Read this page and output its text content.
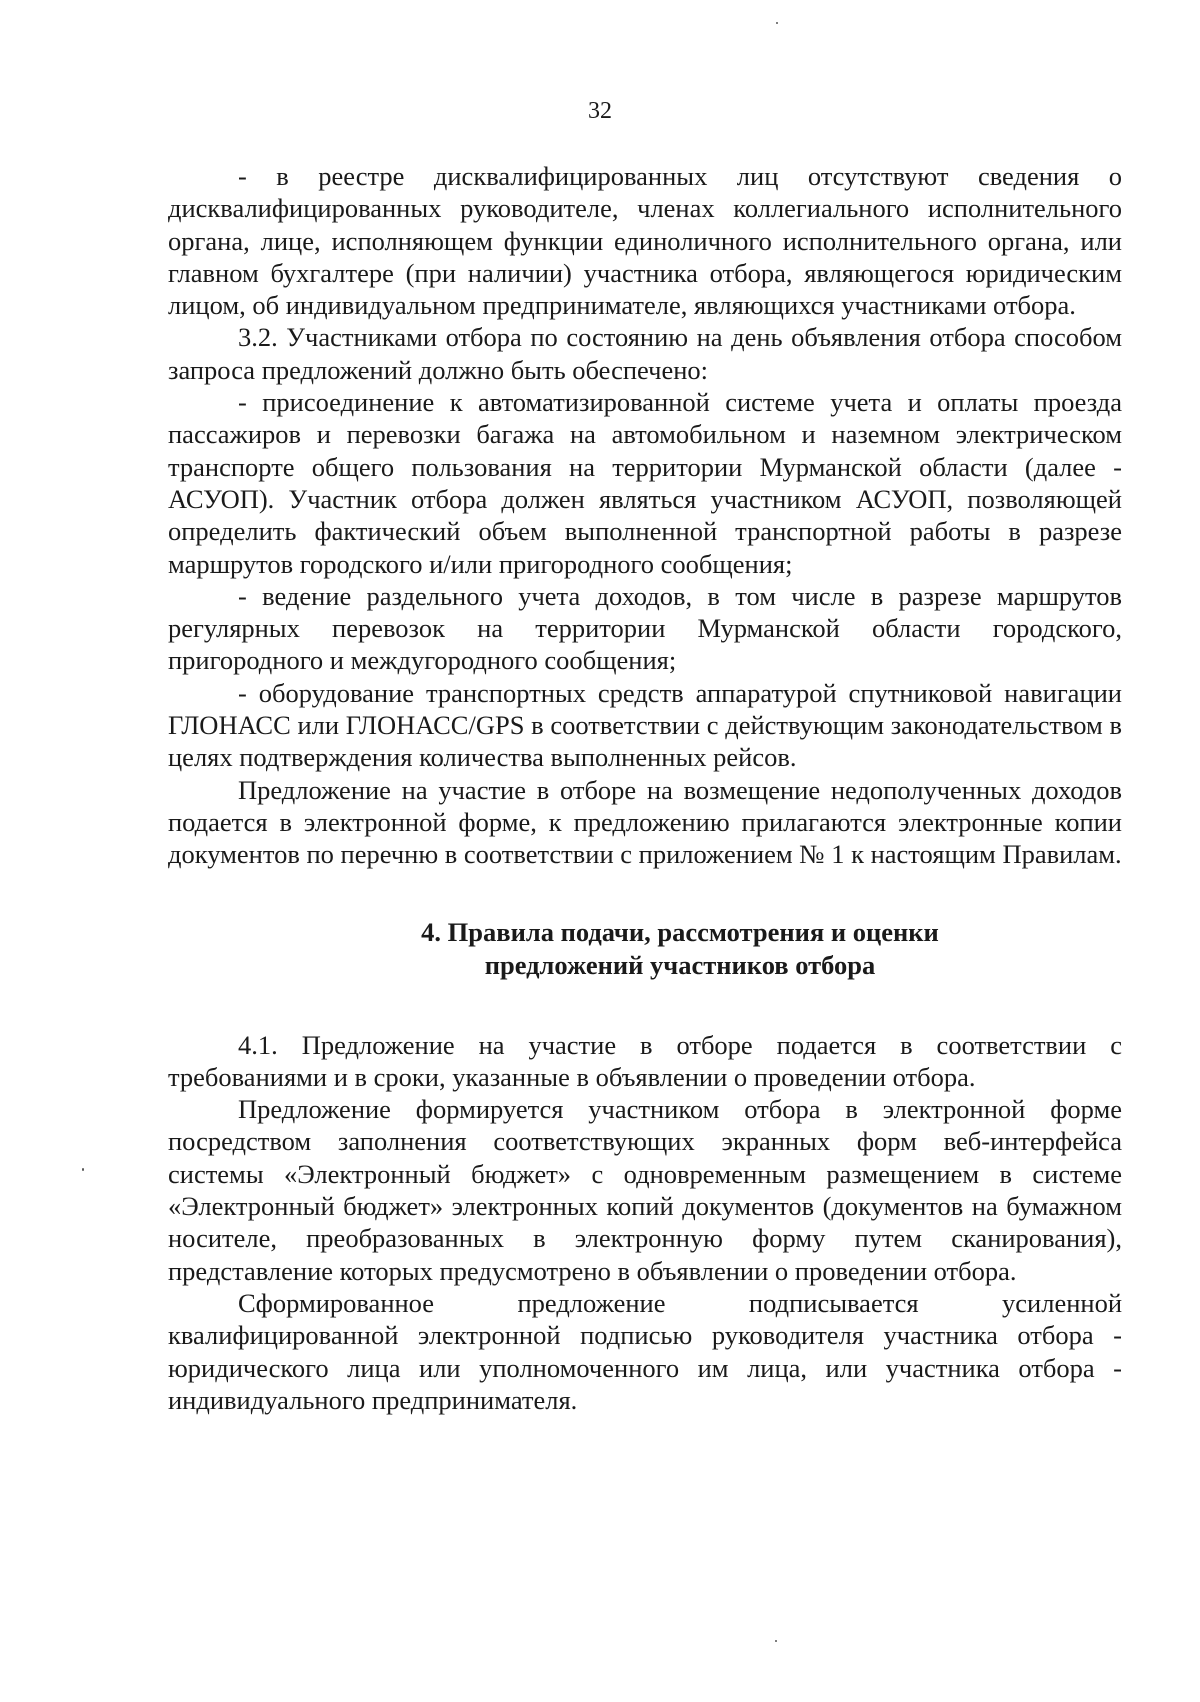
32

- в реестре дисквалифицированных лиц отсутствуют сведения о дисквалифицированных руководителе, членах коллегиального исполнительного органа, лице, исполняющем функции единоличного исполнительного органа, или главном бухгалтере (при наличии) участника отбора, являющегося юридическим лицом, об индивидуальном предпринимателе, являющихся участниками отбора.

3.2. Участниками отбора по состоянию на день объявления отбора способом запроса предложений должно быть обеспечено:

- присоединение к автоматизированной системе учета и оплаты проезда пассажиров и перевозки багажа на автомобильном и наземном электрическом транспорте общего пользования на территории Мурманской области (далее - АСУОП). Участник отбора должен являться участником АСУОП, позволяющей определить фактический объем выполненной транспортной работы в разрезе маршрутов городского и/или пригородного сообщения;

- ведение раздельного учета доходов, в том числе в разрезе маршрутов регулярных перевозок на территории Мурманской области городского, пригородного и междугородного сообщения;

- оборудование транспортных средств аппаратурой спутниковой навигации ГЛОНАСС или ГЛОНАСС/GPS в соответствии с действующим законодательством в целях подтверждения количества выполненных рейсов.

Предложение на участие в отборе на возмещение недополученных доходов подается в электронной форме, к предложению прилагаются электронные копии документов по перечню в соответствии с приложением № 1 к настоящим Правилам.

4. Правила подачи, рассмотрения и оценки
предложений участников отбора

4.1. Предложение на участие в отборе подается в соответствии с требованиями и в сроки, указанные в объявлении о проведении отбора.

Предложение формируется участником отбора в электронной форме посредством заполнения соответствующих экранных форм веб-интерфейса системы «Электронный бюджет» с одновременным размещением в системе «Электронный бюджет» электронных копий документов (документов на бумажном носителе, преобразованных в электронную форму путем сканирования), представление которых предусмотрено в объявлении о проведении отбора.

Сформированное предложение подписывается усиленной квалифицированной электронной подписью руководителя участника отбора - юридического лица или уполномоченного им лица, или участника отбора - индивидуального предпринимателя.
